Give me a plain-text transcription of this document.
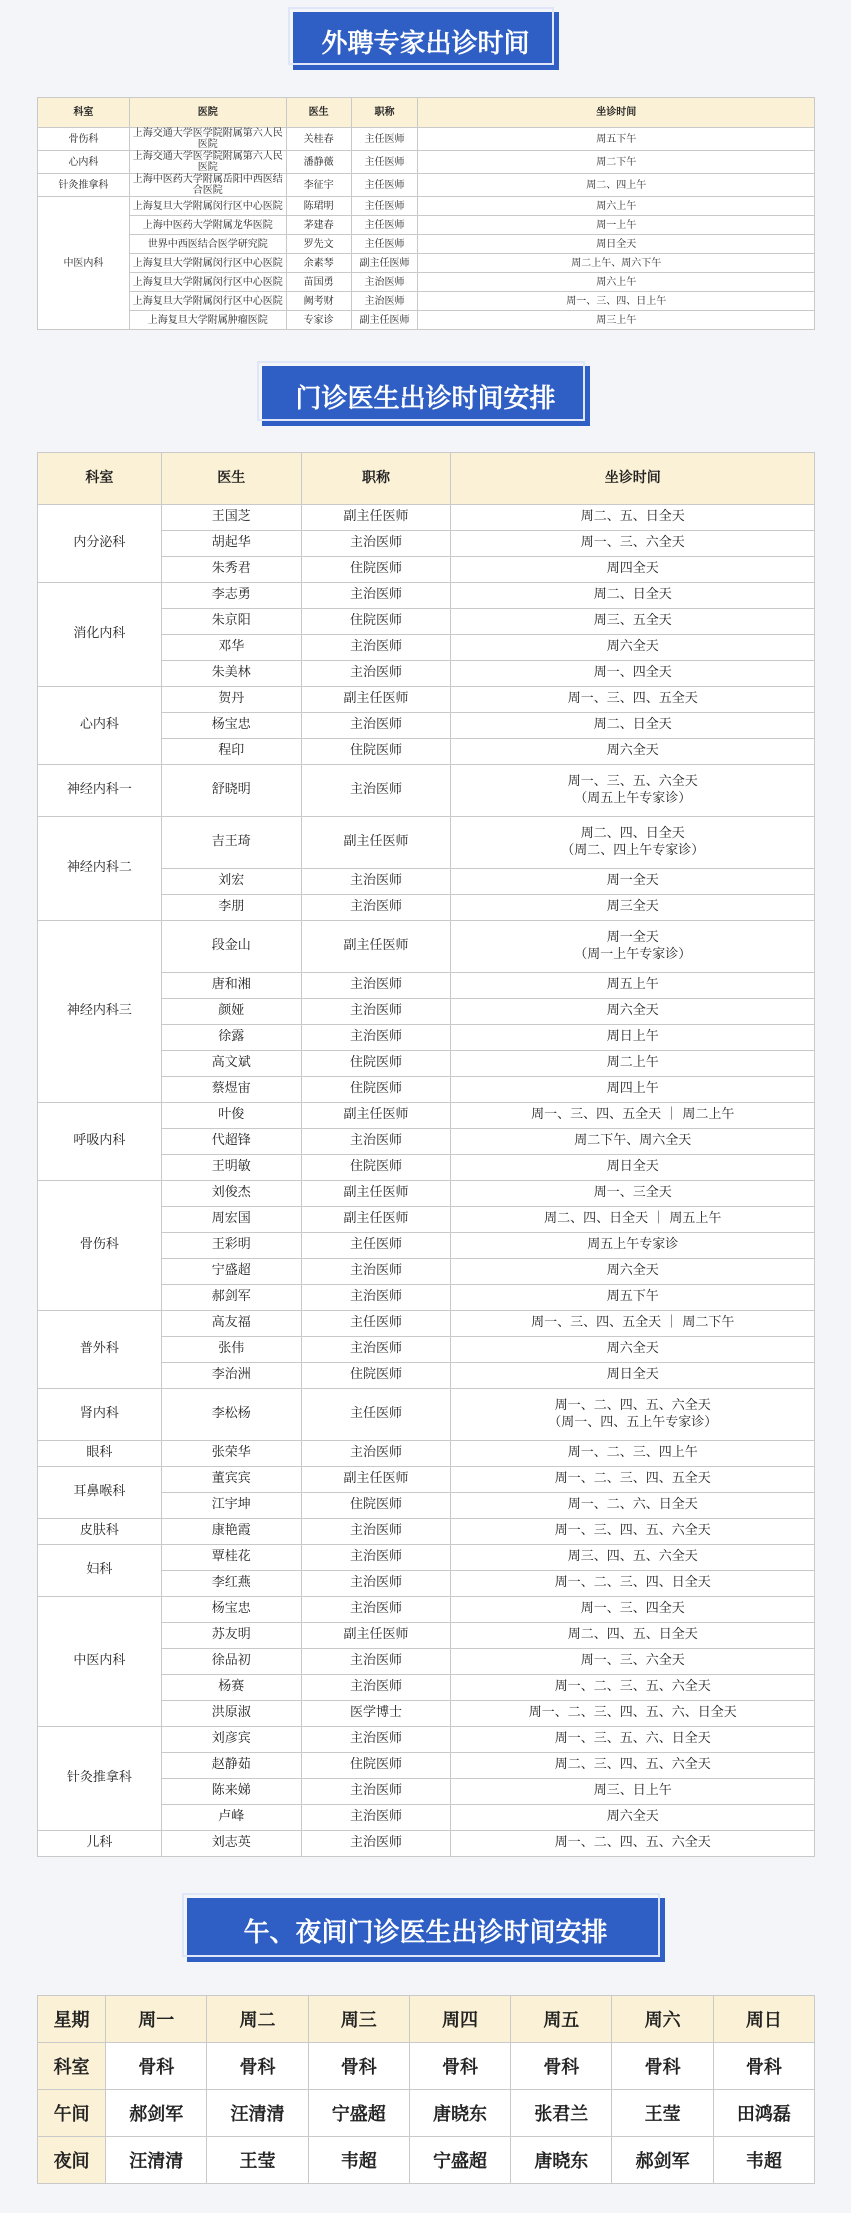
外聘专家出诊时间
科室	医院	医生	职称	坐诊时间
骨伤科	上海交通大学医学院附属第六人民医院	关桂春	主任医师	周五下午
心内科	上海交通大学医学院附属第六人民医院	潘静薇	主任医师	周二下午
针灸推拿科	上海中医药大学附属岳阳中西医结合医院	李征宇	主任医师	周二、四上午
中医内科	上海复旦大学附属闵行区中心医院	陈珺明	主任医师	周六上午
	上海中医药大学附属龙华医院	茅建春	主任医师	周一上午
	世界中西医结合医学研究院	罗先文	主任医师	周日全天
	上海复旦大学附属闵行区中心医院	余素琴	副主任医师	周二上午、周六下午
	上海复旦大学附属闵行区中心医院	苗国勇	主治医师	周六上午
	上海复旦大学附属闵行区中心医院	阙考财	主治医师	周一、三、四、日上午
	上海复旦大学附属肿瘤医院	专家诊	副主任医师	周三上午
门诊医生出诊时间安排
科室	医生	职称	坐诊时间
内分泌科	王国芝	副主任医师	周二、五、日全天

	胡起华	主治医师	周一、三、六全天

	朱秀君	住院医师	周四全天

消化内科	李志勇	主治医师	周二、日全天

	朱京阳	住院医师	周三、五全天

	邓华	主治医师	周六全天

	朱美林	主治医师	周一、四全天

心内科	贺丹	副主任医师	周一、三、四、五全天

	杨宝忠	主治医师	周二、日全天

	程印	住院医师	周六全天

神经内科一	舒晓明	主治医师	周一、三、五、六全天
（周五上午专家诊）

神经内科二	吉王琦	副主任医师	周二、四、日全天
（周二、四上午专家诊）

	刘宏	主治医师	周一全天

	李朋	主治医师	周三全天

神经内科三	段金山	副主任医师	周一全天
（周一上午专家诊）

	唐和湘	主治医师	周五上午

	颜娅	主治医师	周六全天

	徐露	主治医师	周日上午

	高文斌	住院医师	周二上午

	蔡煜宙	住院医师	周四上午

呼吸内科	叶俊	副主任医师	周一、三、四、五全天 ｜ 周二上午

	代超锋	主治医师	周二下午、周六全天

	王明敏	住院医师	周日全天

骨伤科	刘俊杰	副主任医师	周一、三全天

	周宏国	副主任医师	周二、四、日全天 ｜ 周五上午

	王彩明	主任医师	周五上午专家诊

	宁盛超	主治医师	周六全天

	郝剑军	主治医师	周五下午

普外科	高友福	主任医师	周一、三、四、五全天 ｜ 周二下午

	张伟	主治医师	周六全天

	李治洲	住院医师	周日全天

肾内科	李松杨	主任医师	周一、二、四、五、六全天
（周一、四、五上午专家诊）

眼科	张荣华	主治医师	周一、二、三、四上午

耳鼻喉科	董宾宾	副主任医师	周一、二、三、四、五全天

	江宇坤	住院医师	周一、二、六、日全天

皮肤科	康艳霞	主治医师	周一、三、四、五、六全天

妇科	覃桂花	主治医师	周三、四、五、六全天

	李红燕	主治医师	周一、二、三、四、日全天

中医内科	杨宝忠	主治医师	周一、三、四全天

	苏友明	副主任医师	周二、四、五、日全天

	徐品初	主治医师	周一、三、六全天

	杨赛	主治医师	周一、二、三、五、六全天

	洪原淑	医学博士	周一、二、三、四、五、六、日全天

针灸推拿科	刘彦宾	主治医师	周一、三、五、六、日全天

	赵静茹	住院医师	周二、三、四、五、六全天

	陈来娣	主治医师	周三、日上午

	卢峰	主治医师	周六全天

儿科	刘志英	主治医师	周一、二、四、五、六全天
午、夜间门诊医生出诊时间安排
星期	周一	周二	周三	周四	周五	周六	周日
科室	骨科	骨科	骨科	骨科	骨科	骨科	骨科
午间	郝剑军	汪清清	宁盛超	唐晓东	张君兰	王莹	田鸿磊
夜间	汪清清	王莹	韦超	宁盛超	唐晓东	郝剑军	韦超
